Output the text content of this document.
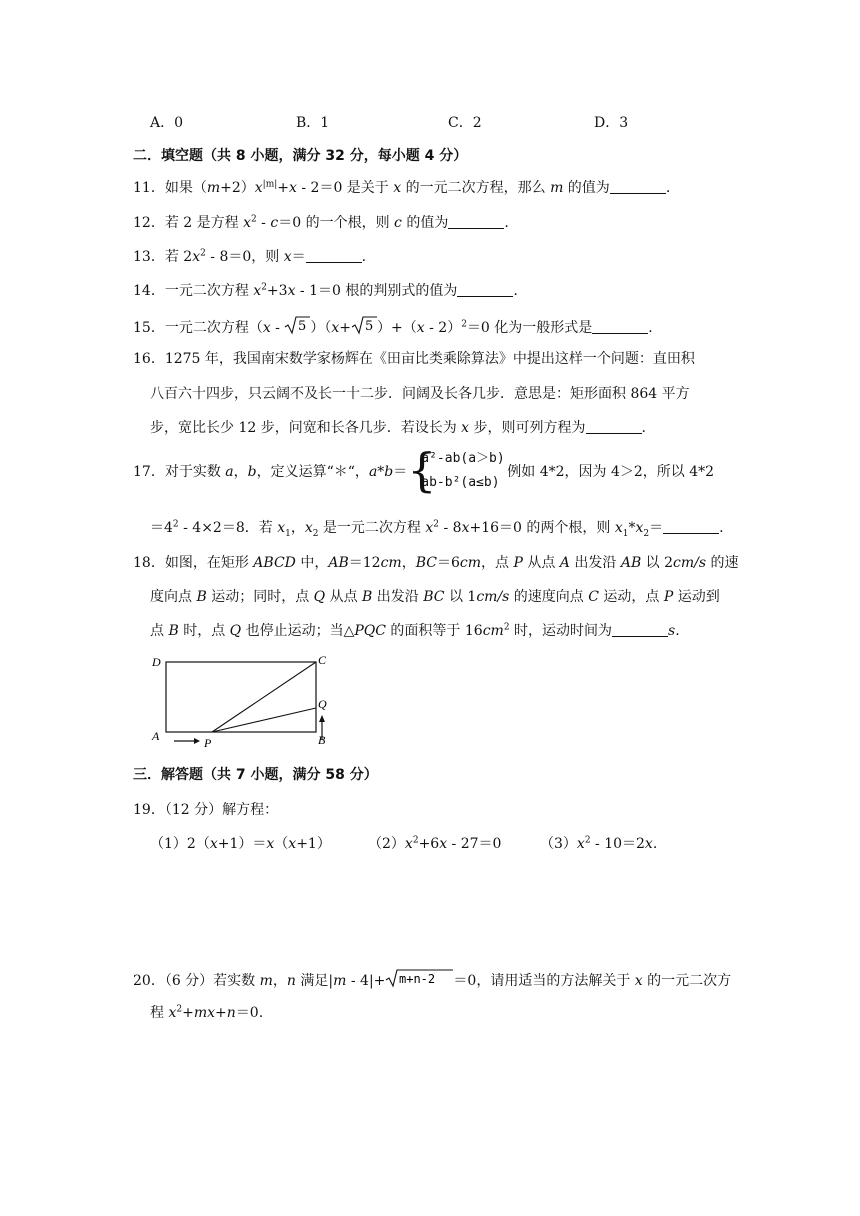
A．0	B．1	C．2	D．3
二．填空题（共 8 小题，满分 32 分，每小题 4 分）
11．如果$(m+2)x^{|m|}+x - 2=0$ 是关于 x 的一元二次方程，那么 m 的值为	.
12．若 2 是方程 $x^2 - c=0$ 的一个根，则 c 的值为	.
13．若 $2x^2 - 8=0$，则 x＝	.
14．一元二次方程 $x^2+3x - 1=0$ 根的判别式的值为	.
15．一元二次方程（x - 5 ）（x+ 5 ）+（x - 2）$^2$＝0 化为一般形式是	.
16．1275 年，我国南宋数学家杨辉在《田亩比类乘除算法》中提出这样一个问题：直田积
八百六十四步，只云阔不及长一十二步．问阔及长各几步．意思是：矩形面积 864 平方
步，宽比长少 12 步，问宽和长各几步．若设长为 x 步，则可列方程为	.
17．对于实数 a，b，定义运算“＊“，a*b＝ {
a²-ab(a＞b)
ab-b²(a≤b)
例如 4*2，因为 4＞2，所以 4*2
$=4^2 - 4\times 2=8$．若 $x_1$，$x_2$ 是一元二次方程 $x^2 - 8x+16=0$ 的两个根，则 $x_1*x_2=$	.
18．如图，在矩形 ABCD 中，AB＝12cm，BC＝6cm，点 P 从点 A 出发沿 AB 以 2cm/s 的速
度向点 B 运动；同时，点 Q 从点 B 出发沿 BC 以 1cm/s 的速度向点 C 运动，点 P 运动到
点 B 时，点 Q 也停止运动；当△PQC 的面积等于 $16cm^2$ 时，运动时间为	s.
D	C
Q
A	P	B
三．解答题（共 7 小题，满分 58 分）
19．（12 分）解方程：
（1）2（x+1）＝x（x+1）	$(2)x^2+6x - 27=0$	$(3)x^2 - 10=2x$.
20．（6 分）若实数 m，n 满足|m - 4|+ m+n-2 ＝0，请用适当的方法解关于 x 的一元二次方
程 $x^2+mx+n=0$.
